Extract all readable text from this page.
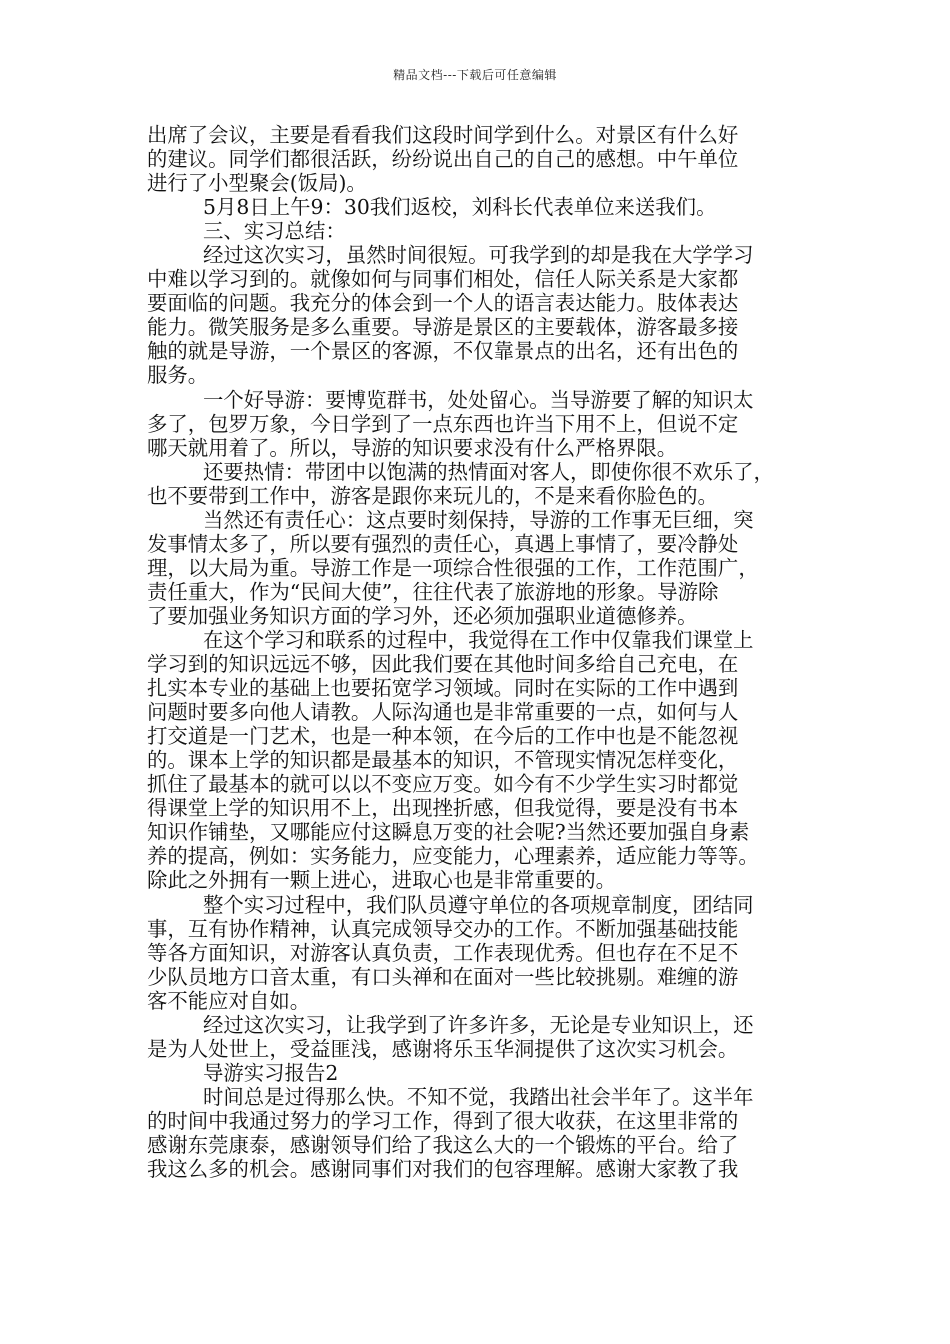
精品文档---下载后可任意编辑
出席了会议，主要是看看我们这段时间学到什么。对景区有什么好
的建议。同学们都很活跃，纷纷说出自己的自己的感想。中午单位
进行了小型聚会(饭局)。
5月8日上午9：30我们返校，刘科长代表单位来送我们。
三、实习总结：
经过这次实习，虽然时间很短。可我学到的却是我在大学学习
中难以学习到的。就像如何与同事们相处，信任人际关系是大家都
要面临的问题。我充分的体会到一个人的语言表达能力。肢体表达
能力。微笑服务是多么重要。导游是景区的主要载体，游客最多接
触的就是导游，一个景区的客源，不仅靠景点的出名，还有出色的
服务。
一个好导游：要博览群书，处处留心。当导游要了解的知识太
多了，包罗万象，今日学到了一点东西也许当下用不上，但说不定
哪天就用着了。所以，导游的知识要求没有什么严格界限。
还要热情：带团中以饱满的热情面对客人，即使你很不欢乐了，
也不要带到工作中，游客是跟你来玩儿的，不是来看你脸色的。
当然还有责任心：这点要时刻保持，导游的工作事无巨细，突
发事情太多了，所以要有强烈的责任心，真遇上事情了，要冷静处
理，以大局为重。导游工作是一项综合性很强的工作，工作范围广，
责任重大，作为“民间大使”，往往代表了旅游地的形象。导游除
了要加强业务知识方面的学习外，还必须加强职业道德修养。
在这个学习和联系的过程中，我觉得在工作中仅靠我们课堂上
学习到的知识远远不够，因此我们要在其他时间多给自己充电，在
扎实本专业的基础上也要拓宽学习领域。同时在实际的工作中遇到
问题时要多向他人请教。人际沟通也是非常重要的一点，如何与人
打交道是一门艺术，也是一种本领，在今后的工作中也是不能忽视
的。课本上学的知识都是最基本的知识，不管现实情况怎样变化，
抓住了最基本的就可以以不变应万变。如今有不少学生实习时都觉
得课堂上学的知识用不上，出现挫折感，但我觉得，要是没有书本
知识作铺垫，又哪能应付这瞬息万变的社会呢?当然还要加强自身素
养的提高，例如：实务能力，应变能力，心理素养，适应能力等等。
除此之外拥有一颗上进心，进取心也是非常重要的。
整个实习过程中，我们队员遵守单位的各项规章制度，团结同
事，互有协作精神，认真完成领导交办的工作。不断加强基础技能
等各方面知识，对游客认真负责，工作表现优秀。但也存在不足不
少队员地方口音太重，有口头禅和在面对一些比较挑剔。难缠的游
客不能应对自如。
经过这次实习，让我学到了许多许多，无论是专业知识上，还
是为人处世上，受益匪浅，感谢将乐玉华洞提供了这次实习机会。
导游实习报告2
时间总是过得那么快。不知不觉，我踏出社会半年了。这半年
的时间中我通过努力的学习工作，得到了很大收获，在这里非常的
感谢东莞康泰，感谢领导们给了我这么大的一个锻炼的平台。给了
我这么多的机会。感谢同事们对我们的包容理解。感谢大家教了我
